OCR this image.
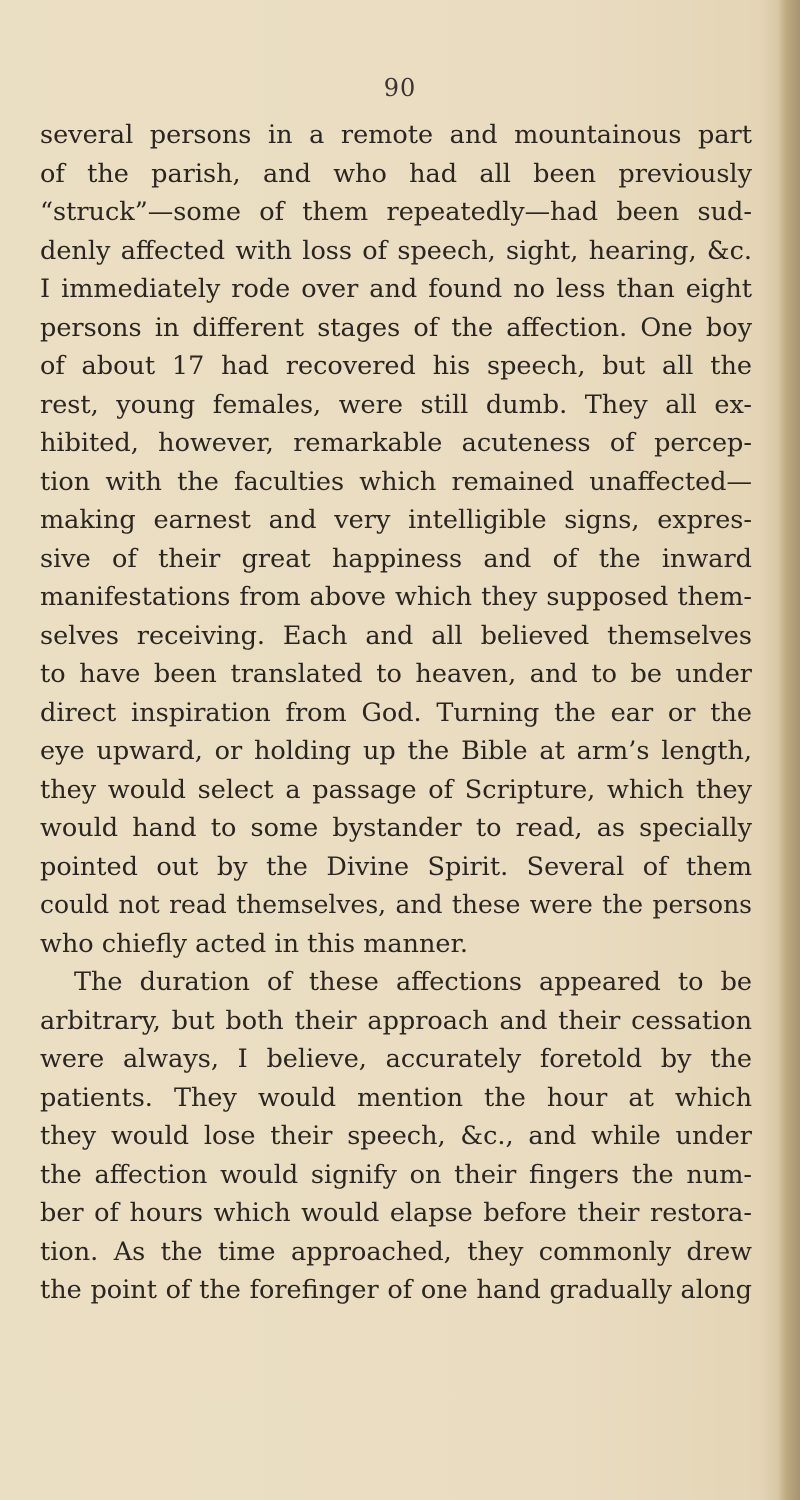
90
several persons in a remote and mountainous part
of the parish, and who had all been previously
“struck”—some of them repeatedly—had been sud-
denly affected with loss of speech, sight, hearing, &c.
I immediately rode over and found no less than eight
persons in different stages of the affection. One boy
of about 17 had recovered his speech, but all the
rest, young females, were still dumb. They all ex-
hibited, however, remarkable acuteness of percep-
tion with the faculties which remained unaffected—
making earnest and very intelligible signs, expres-
sive of their great happiness and of the inward
manifestations from above which they supposed them-
selves receiving. Each and all believed themselves
to have been translated to heaven, and to be under
direct inspiration from God. Turning the ear or the
eye upward, or holding up the Bible at arm’s length,
they would select a passage of Scripture, which they
would hand to some bystander to read, as specially
pointed out by the Divine Spirit. Several of them
could not read themselves, and these were the persons
who chiefly acted in this manner.
The duration of these affections appeared to be
arbitrary, but both their approach and their cessation
were always, I believe, accurately foretold by the
patients. They would mention the hour at which
they would lose their speech, &c., and while under
the affection would signify on their fingers the num-
ber of hours which would elapse before their restora-
tion. As the time approached, they commonly drew
the point of the forefinger of one hand gradually along
